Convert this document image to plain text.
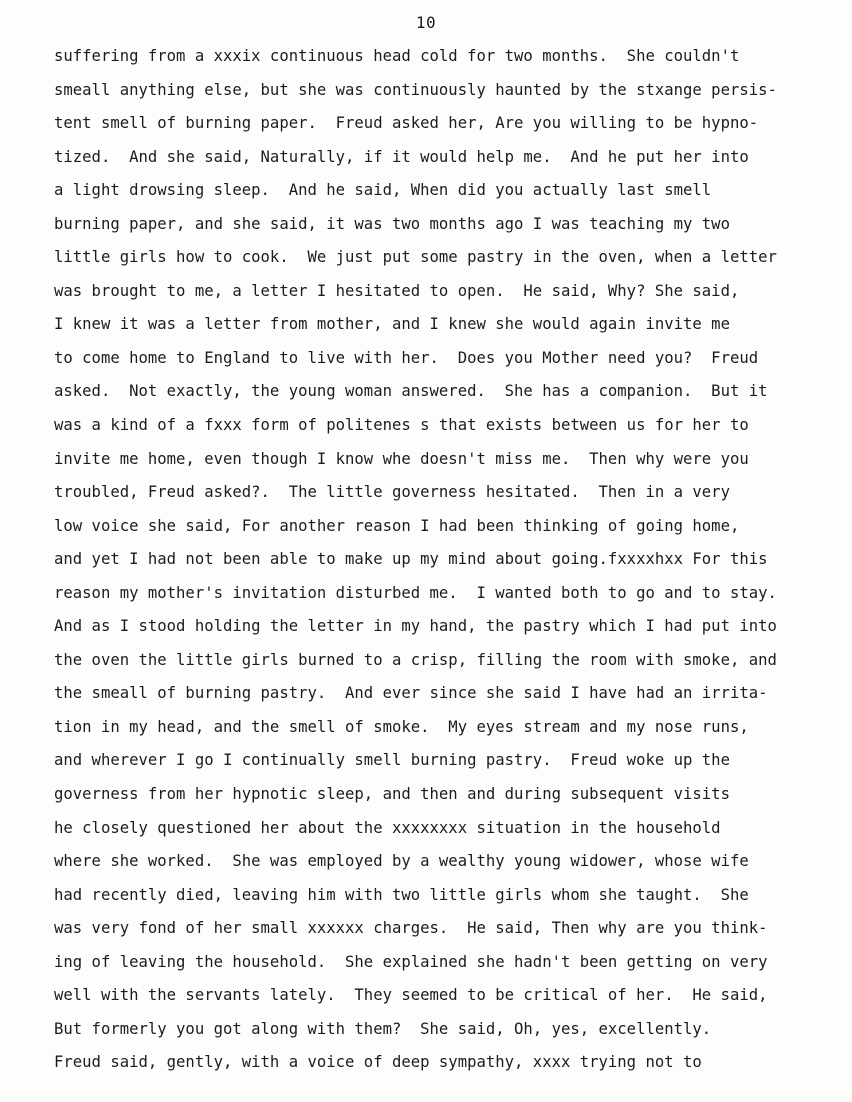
10
suffering from a xxxix continuous head cold for two months.  She couldn't
smeall anything else, but she was continuously haunted by the stxange persis-
tent smell of burning paper.  Freud asked her, Are you willing to be hypno-
tized.  And she said, Naturally, if it would help me.  And he put her into
a light drowsing sleep.  And he said, When did you actually last smell
burning paper, and she said, it was two months ago I was teaching my two
little girls how to cook.  We just put some pastry in the oven, when a letter
was brought to me, a letter I hesitated to open.  He said, Why? She said,
I knew it was a letter from mother, and I knew she would again invite me
to come home to England to live with her.  Does you Mother need you?  Freud
asked.  Not exactly, the young woman answered.  She has a companion.  But it
was a kind of a fxxx form of politenes s that exists between us for her to
invite me home, even though I know whe doesn't miss me.  Then why were you
troubled, Freud asked?.  The little governess hesitated.  Then in a very
low voice she said, For another reason I had been thinking of going home,
and yet I had not been able to make up my mind about going.fxxxxhxx For this
reason my mother's invitation disturbed me.  I wanted both to go and to stay.
And as I stood holding the letter in my hand, the pastry which I had put into
the oven the little girls burned to a crisp, filling the room with smoke, and
the smeall of burning pastry.  And ever since she said I have had an irrita-
tion in my head, and the smell of smoke.  My eyes stream and my nose runs,
and wherever I go I continually smell burning pastry.  Freud woke up the
governess from her hypnotic sleep, and then and during subsequent visits
he closely questioned her about the xxxxxxxx situation in the household
where she worked.  She was employed by a wealthy young widower, whose wife
had recently died, leaving him with two little girls whom she taught.  She
was very fond of her small xxxxxx charges.  He said, Then why are you think-
ing of leaving the household.  She explained she hadn't been getting on very
well with the servants lately.  They seemed to be critical of her.  He said,
But formerly you got along with them?  She said, Oh, yes, excellently.
Freud said, gently, with a voice of deep sympathy, xxxx trying not to
